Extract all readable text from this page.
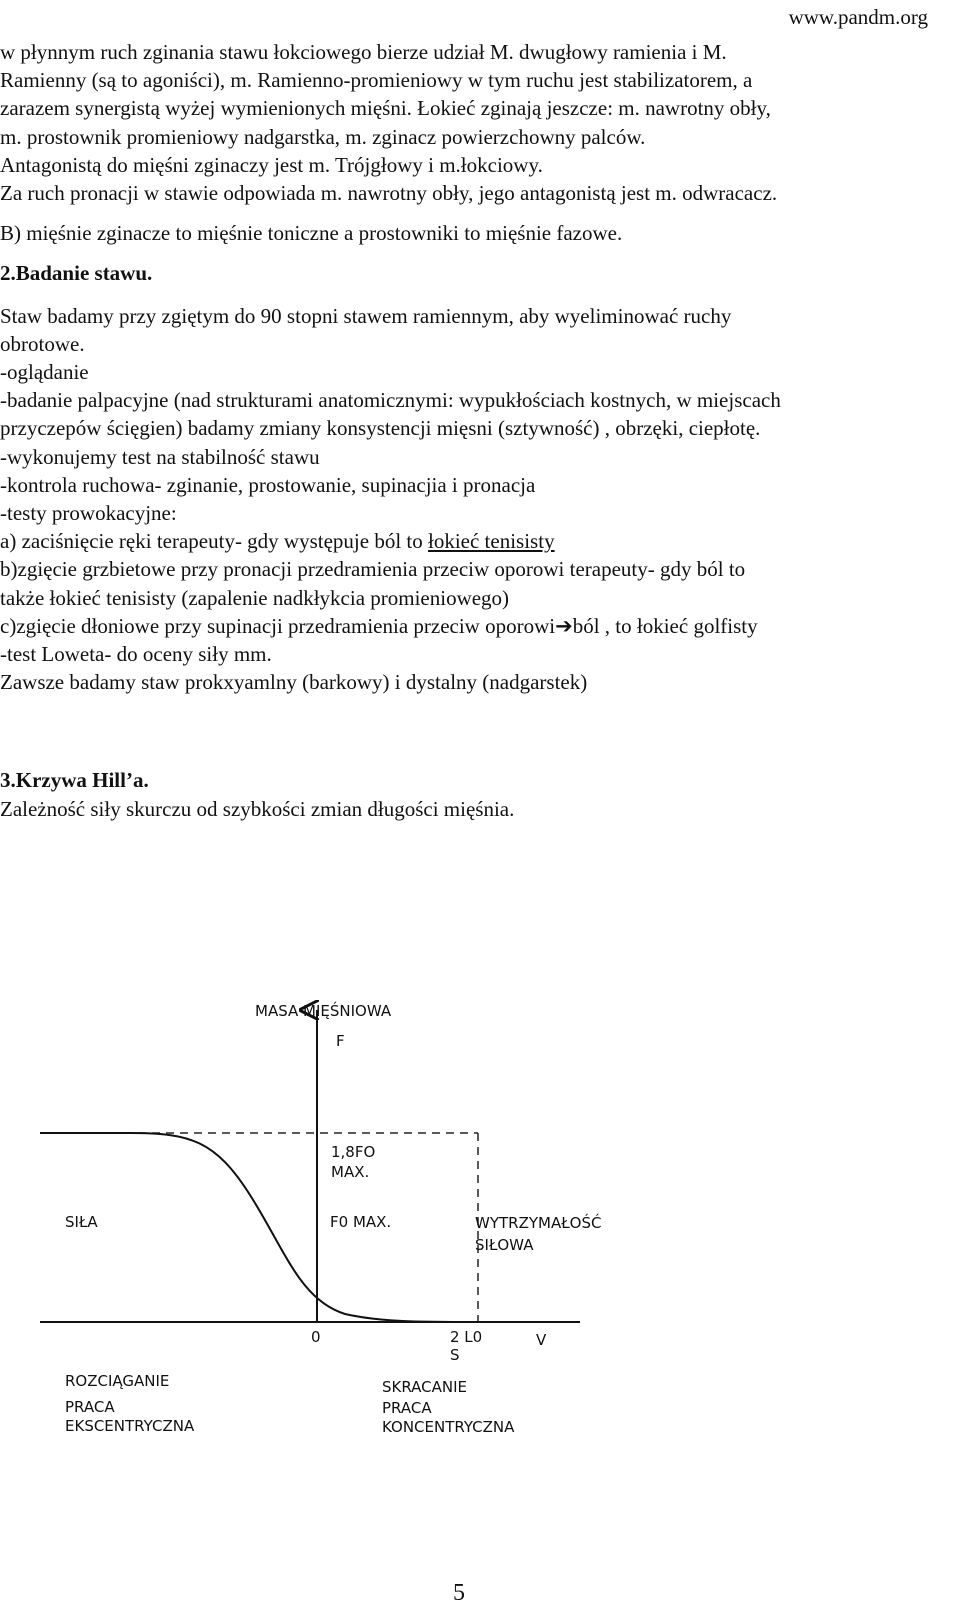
www.pandm.org

w płynnym ruch zginania stawu łokciowego bierze udział M. dwugłowy ramienia i M.

Ramienny (są to agoniści), m. Ramienno-promieniowy w tym ruchu jest stabilizatorem, a

zarazem synergistą wyżej wymienionych mięśni. Łokieć zginają jeszcze: m. nawrotny obły,

m. prostownik promieniowy nadgarstka, m. zginacz powierzchowny palców.

Antagonistą do mięśni zginaczy jest m. Trójgłowy i m.łokciowy.

Za ruch pronacji w stawie odpowiada m. nawrotny obły, jego antagonistą jest m. odwracacz.

B) mięśnie zginacze to mięśnie toniczne a prostowniki to mięśnie fazowe.

2.Badanie stawu.

Staw badamy przy zgiętym do 90 stopni stawem ramiennym, aby wyeliminować ruchy

obrotowe.

-oglądanie

-badanie palpacyjne (nad strukturami anatomicznymi: wypukłościach kostnych, w miejscach

przyczepów ścięgien) badamy zmiany konsystencji mięsni (sztywność) , obrzęki, ciepłotę.

-wykonujemy test na stabilność stawu

-kontrola ruchowa- zginanie, prostowanie, supinacjia i pronacja

-testy prowokacyjne:

a) zaciśnięcie ręki terapeuty- gdy występuje ból to łokieć tenisisty

b)zgięcie grzbietowe przy pronacji przedramienia przeciw oporowi terapeuty- gdy ból to

także łokieć tenisisty (zapalenie nadkłykcia promieniowego)

c)zgięcie dłoniowe przy supinacji przedramienia przeciw oporowi➔ból , to łokieć golfisty

-test Loweta- do oceny siły mm.

Zawsze badamy staw prokxyamlny (barkowy) i dystalny (nadgarstek)

3.Krzywa Hill’a.

Zależność siły skurczu od szybkości zmian długości mięśnia.

MASA MIĘŚNIOWA
F
1,8FO
MAX.
SIŁA	F0 MAX.	WYTRZYMAŁOŚĆ
SIŁOWA
0	2 L0
S
V
ROZCIĄGANIE
PRACA
EKSCENTRYCZNA
SKRACANIE
PRACA
KONCENTRYCZNA
5
